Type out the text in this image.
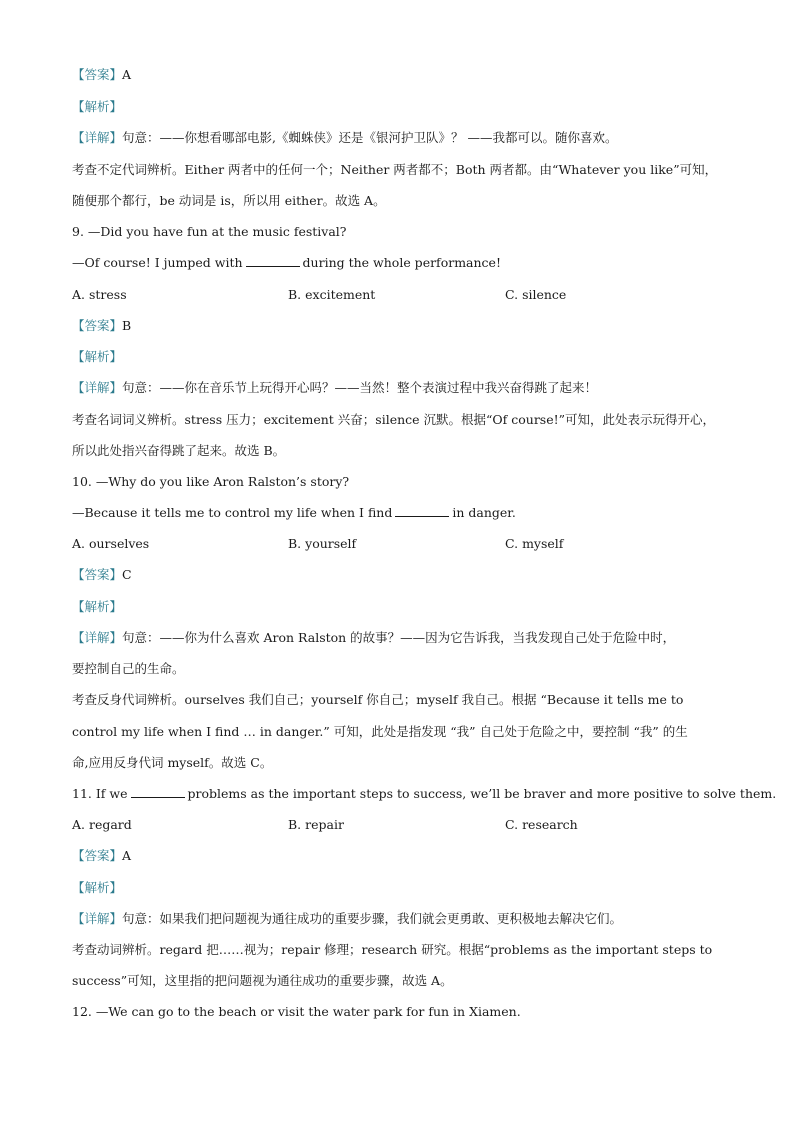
【答案】A
【解析】
【详解】句意：——你想看哪部电影,《蜘蛛侠》还是《银河护卫队》？ ——我都可以。随你喜欢。
考查不定代词辨析。Either 两者中的任何一个；Neither 两者都不；Both 两者都。由“Whatever you like”可知，
随便那个都行，be 动词是 is，所以用 either。故选 A。
9. —Did you have fun at the music festival?
—Of course! I jumped with	during the whole performance!
A. stress	B. excitement	C. silence
【答案】B
【解析】
【详解】句意：——你在音乐节上玩得开心吗？——当然！整个表演过程中我兴奋得跳了起来！
考查名词词义辨析。stress 压力；excitement 兴奋；silence 沉默。根据“Of course!”可知，此处表示玩得开心，
所以此处指兴奋得跳了起来。故选 B。
10. —Why do you like Aron Ralston’s story?
—Because it tells me to control my life when I find	in danger.
A. ourselves	B. yourself	C. myself
【答案】C
【解析】
【详解】句意：——你为什么喜欢 Aron Ralston 的故事？——因为它告诉我，当我发现自己处于危险中时，
要控制自己的生命。
考查反身代词辨析。ourselves 我们自己；yourself 你自己；myself 我自己。根据 “Because it tells me to
control my life when I find … in danger.” 可知，此处是指发现 “我” 自己处于危险之中，要控制 “我” 的生
命,应用反身代词 myself。故选 C。
11. If we	problems as the important steps to success, we’ll be braver and more positive to solve them.
A. regard	B. repair	C. research
【答案】A
【解析】
【详解】句意：如果我们把问题视为通往成功的重要步骤，我们就会更勇敢、更积极地去解决它们。
考查动词辨析。regard 把……视为；repair 修理；research 研究。根据“problems as the important steps to
success”可知，这里指的把问题视为通往成功的重要步骤，故选 A。
12. —We can go to the beach or visit the water park for fun in Xiamen.
